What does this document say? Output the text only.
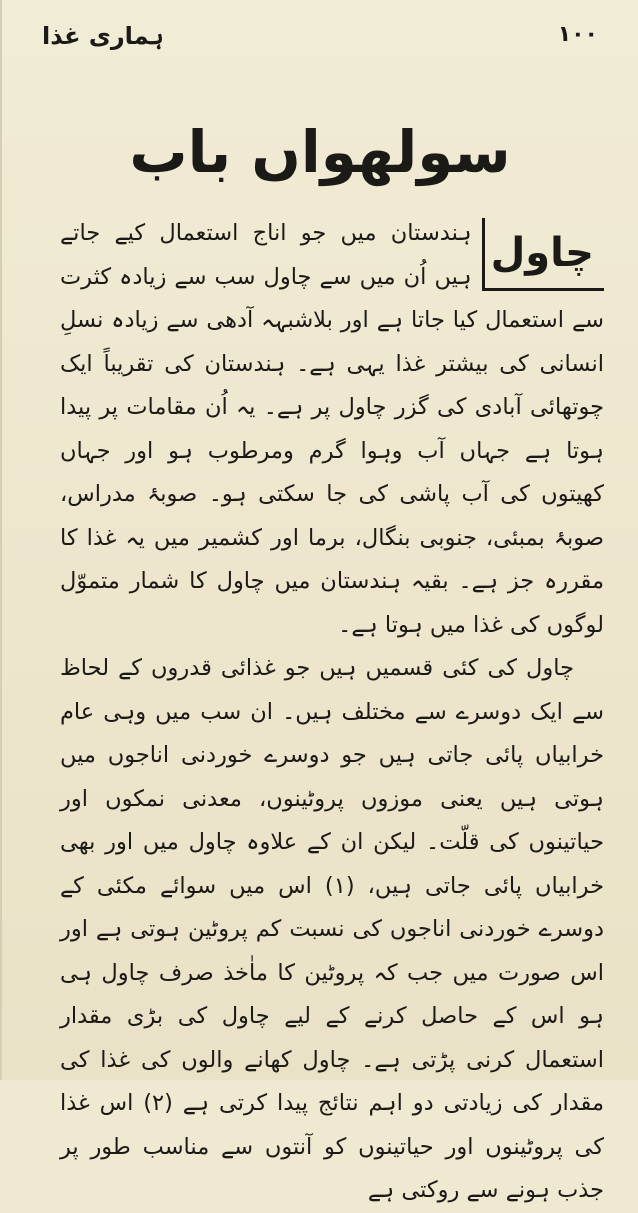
۱۰۰
ہماری غذا
سولھواں باب

چاول
ہندستان میں جو اناج استعمال کیے جاتے ہیں اُن میں سے چاول سب سے زیادہ کثرت سے استعمال کیا جاتا ہے اور بلاشبہہ آدھی سے زیادہ نسلِ انسانی کی بیشتر غذا یہی ہے۔ ہندستان کی تقریباً ایک چوتھائی آبادی کی گزر چاول پر ہے۔ یہ اُن مقامات پر پیدا ہوتا ہے جہاں آب وہوا گرم ومرطوب ہو اور جہاں کھیتوں کی آب پاشی کی جا سکتی ہو۔ صوبۂ مدراس، صوبۂ بمبئی، جنوبی بنگال، برما اور کشمیر میں یہ غذا کا مقررہ جز ہے۔ بقیہ ہندستان میں چاول کا شمار متموّل لوگوں کی غذا میں ہوتا ہے۔

چاول کی کئی قسمیں ہیں جو غذائی قدروں کے لحاظ سے ایک دوسرے سے مختلف ہیں۔ ان سب میں وہی عام خرابیاں پائی جاتی ہیں جو دوسرے خوردنی اناجوں میں ہوتی ہیں یعنی موزوں پروٹینوں، معدنی نمکوں اور حیاتینوں کی قلّت۔ لیکن ان کے علاوہ چاول میں اور بھی خرابیاں پائی جاتی ہیں، (۱) اس میں سوائے مکئی کے دوسرے خوردنی اناجوں کی نسبت کم پروٹین ہوتی ہے اور اس صورت میں جب کہ پروٹین کا ماٰخذ صرف چاول ہی ہو اس کے حاصل کرنے کے لیے چاول کی بڑی مقدار استعمال کرنی پڑتی ہے۔ چاول کھانے والوں کی غذا کی مقدار کی زیادتی دو اہم نتائج پیدا کرتی ہے (۲) اس غذا کی پروٹینوں اور حیاتینوں کو آنتوں سے مناسب طور پر جذب ہونے سے روکتی ہے
